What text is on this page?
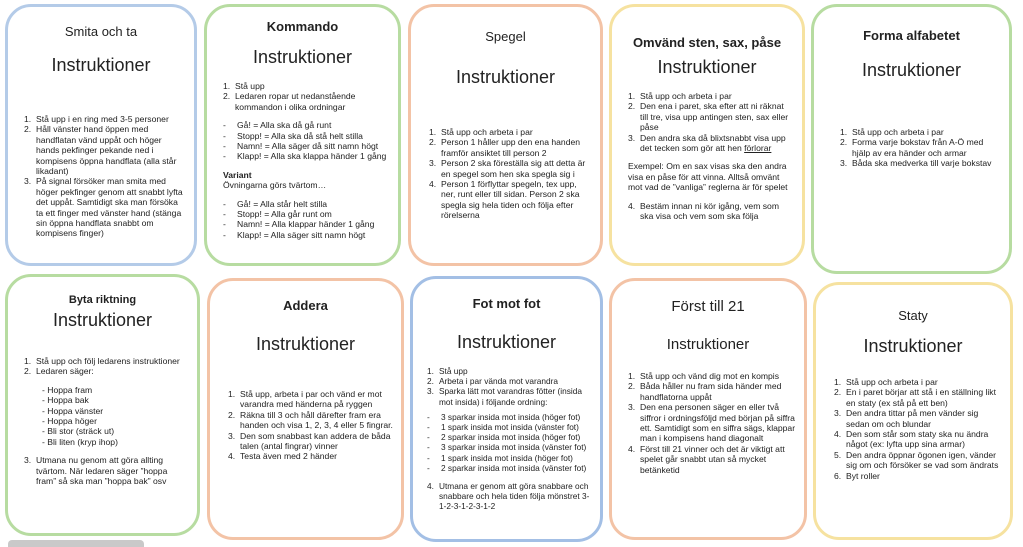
Smita och ta
Instruktioner
1. Stå upp i en ring med 3-5 personer
2. Håll vänster hand öppen med handflatan vänd uppåt och höger hands pekfinger pekande ned i kompisens öppna handflata (alla står likadant)
3. På signal försöker man smita med höger pekfinger genom att snabbt lyfta det uppåt. Samtidigt ska man försöka ta ett finger med vänster hand (stänga sin öppna handflata snabbt om kompisens finger)
Kommando
Instruktioner
1. Stå upp
2. Ledaren ropar ut nedanstående kommandon i olika ordningar
-	Gå! = Alla ska då gå runt
-	Stopp! = Alla ska då stå helt stilla
-	Namn! = Alla säger då sitt namn högt
-	Klapp! = Alla ska klappa händer 1 gång

Variant

Övningarna görs tvärtom…

-	Gå! = Alla står helt stilla
-	Stopp! = Alla går runt om
-	Namn! = Alla klappar händer 1 gång
-	Klapp! = Alla säger sitt namn högt
Spegel
Instruktioner
1. Stå upp och arbeta i par
2. Person 1 håller upp den ena handen framför ansiktet till person 2
3. Person 2 ska föreställa sig att detta är en spegel som hen ska spegla sig i
4. Person 1 förflyttar spegeln, tex upp, ner, runt eller till sidan. Person 2 ska spegla sig hela tiden och följa efter rörelserna
Omvänd sten, sax, påse
Instruktioner
1. Stå upp och arbeta i par
2. Den ena i paret, ska efter att ni räknat till tre, visa upp antingen sten, sax eller påse
3. Den andra ska då blixtsnabbt visa upp det tecken som gör att hen förlorar

Exempel: Om en sax visas ska den andra visa en påse för att vinna. Alltså omvänt mot vad de ”vanliga” reglerna är för spelet

4. Bestäm innan ni kör igång, vem som ska visa och vem som ska följa
Forma alfabetet
Instruktioner
1. Stå upp och arbeta i par
2. Forma varje bokstav från A-Ö med hjälp av era händer och armar
3. Båda ska medverka till varje bokstav
Byta riktning
Instruktioner
1. Stå upp och följ ledarens instruktioner
2. Ledaren säger:

- Hoppa fram

- Hoppa bak

- Hoppa vänster

- Hoppa höger

- Bli stor (sträck ut)

- Bli liten (kryp ihop)

3. Utmana nu genom att göra allting tvärtom. När ledaren säger ”hoppa fram” så ska man ”hoppa bak” osv
Addera
Instruktioner
1. Stå upp, arbeta i par och vänd er mot varandra med händerna på ryggen
2. Räkna till 3 och håll därefter fram era handen och visa 1, 2, 3, 4 eller 5 fingrar.
3. Den som snabbast kan addera de båda talen (antal fingrar) vinner
4. Testa även med 2 händer
Fot mot fot
Instruktioner
1. Stå upp
2. Arbeta i par vända mot varandra
3. Sparka lätt mot varandras fötter (insida mot insida) i följande ordning:
-	3 sparkar insida mot insida (höger fot)
-	1 spark insida mot insida (vänster fot)
-	2 sparkar insida mot insida (höger fot)
-	3 sparkar insida mot insida (vänster fot)
-	1 spark insida mot insida (höger fot)
-	2 sparkar insida mot insida (vänster fot)
4. Utmana er genom att göra snabbare och snabbare och hela tiden följa mönstret 3-1-2-3-1-2-3-1-2
Först till 21
Instruktioner
1. Stå upp och vänd dig mot en kompis
2. Båda håller nu fram sida händer med handflatorna uppåt
3. Den ena personen säger en eller två siffror i ordningsföljd med början på siffra ett. Samtidigt som en siffra sägs, klappar man i kompisens hand diagonalt
4. Först till 21 vinner och det är viktigt att spelet går snabbt utan så mycket betänketid
Staty
Instruktioner
1. Stå upp och arbeta i par
2. En i paret börjar att stå i en ställning likt en staty (ex stå på ett ben)
3. Den andra tittar på men vänder sig sedan om och blundar
4. Den som står som staty ska nu ändra något (ex: lyfta upp sina armar)
5. Den andra öppnar ögonen igen, vänder sig om och försöker se vad som ändrats
6. Byt roller
